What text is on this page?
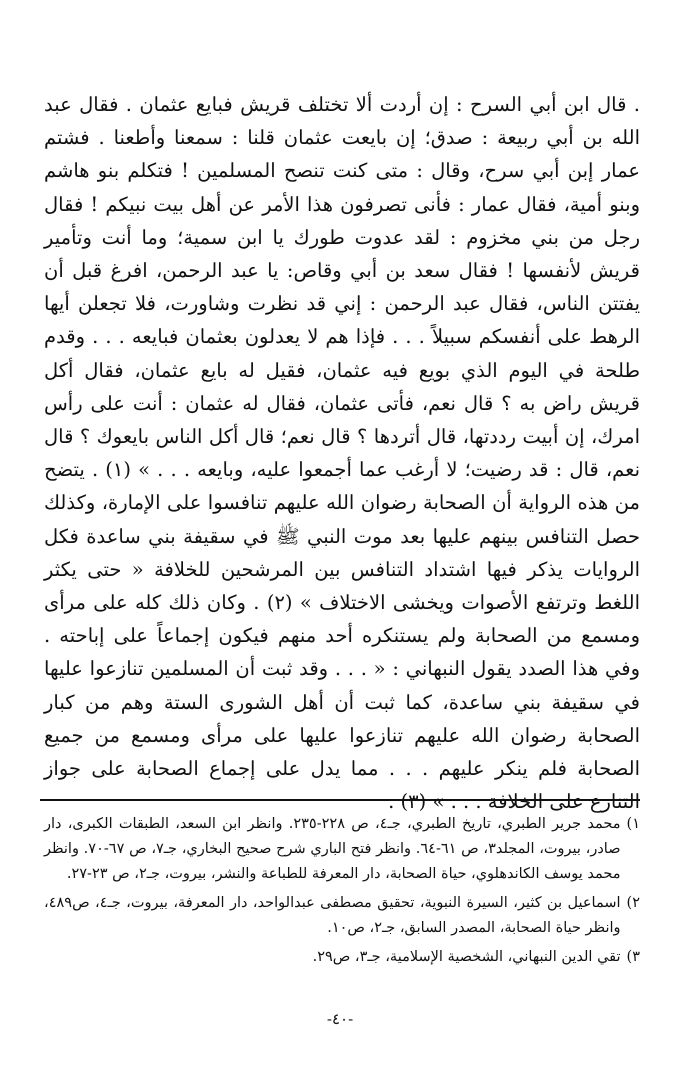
. قال ابن أبي السرح : إن أردت ألا تختلف قريش فبايع عثمان . فقال عبد الله بن أبي ربيعة : صدق؛ إن بايعت عثمان قلنا : سمعنا وأطعنا . فشتم عمار إبن أبي سرح، وقال : متى كنت تنصح المسلمين ! فتكلم بنو هاشم وبنو أمية، فقال عمار : فأنى تصرفون هذا الأمر عن أهل بيت نبيكم ! فقال رجل من بني مخزوم : لقد عدوت طورك يا ابن سمية؛ وما أنت وتأمير قريش لأنفسها ! فقال سعد بن أبي وقاص: يا عبد الرحمن، افرغ قبل أن يفتتن الناس، فقال عبد الرحمن : إني قد نظرت وشاورت، فلا تجعلن أيها الرهط على أنفسكم سبيلاً . . . فإذا هم لا يعدلون بعثمان فبايعه . . . وقدم طلحة في اليوم الذي بويع فيه عثمان، فقيل له بايع عثمان، فقال أكل قريش راض به ؟ قال نعم، فأتى عثمان، فقال له عثمان : أنت على رأس امرك، إن أبيت رددتها، قال أتردها ؟ قال نعم؛ قال أكل الناس بايعوك ؟ قال نعم، قال : قد رضيت؛ لا أرغب عما أجمعوا عليه، وبايعه . . . » (١) . يتضح من هذه الرواية أن الصحابة رضوان الله عليهم تنافسوا على الإمارة، وكذلك حصل التنافس بينهم عليها بعد موت النبي ﷺ في سقيفة بني ساعدة فكل الروايات يذكر فيها اشتداد التنافس بين المرشحين للخلافة « حتى يكثر اللغط وترتفع الأصوات ويخشى الاختلاف » (٢) . وكان ذلك كله على مرأى ومسمع من الصحابة ولم يستنكره أحد منهم فيكون إجماعاً على إباحته . وفي هذا الصدد يقول النبهاني : « . . . وقد ثبت أن المسلمين تنازعوا عليها في سقيفة بني ساعدة، كما ثبت أن أهل الشورى الستة وهم من كبار الصحابة رضوان الله عليهم تنازعوا عليها على مرأى ومسمع من جميع الصحابة فلم ينكر عليهم . . . مما يدل على إجماع الصحابة على جواز التنازع على الخلافة . . . » (٣) .

١)
محمد جرير الطبري، تاريخ الطبري، جـ٤، ص ٢٢٨-٢٣٥. وانظر ابن السعد، الطبقات الكبرى، دار صادر، بيروت، المجلد٣، ص ٦١-٦٤. وانظر فتح الباري شرح صحيح البخاري، جـ٧، ص ٦٧-٧٠. وانظر محمد يوسف الكاندهلوي، حياة الصحابة، دار المعرفة للطباعة والنشر، بيروت، جـ٢، ص ٢٣-٢٧.
٢)
اسماعيل بن كثير، السيرة النبوية، تحقيق مصطفى عبدالواحد، دار المعرفة، بيروت، جـ٤، ص٤٨٩، وانظر حياة الصحابة، المصدر السابق، جـ٢، ص١٠.
٣)
تقي الدين النبهاني، الشخصية الإسلامية، جـ٣، ص٢٩.
-٤٠-
